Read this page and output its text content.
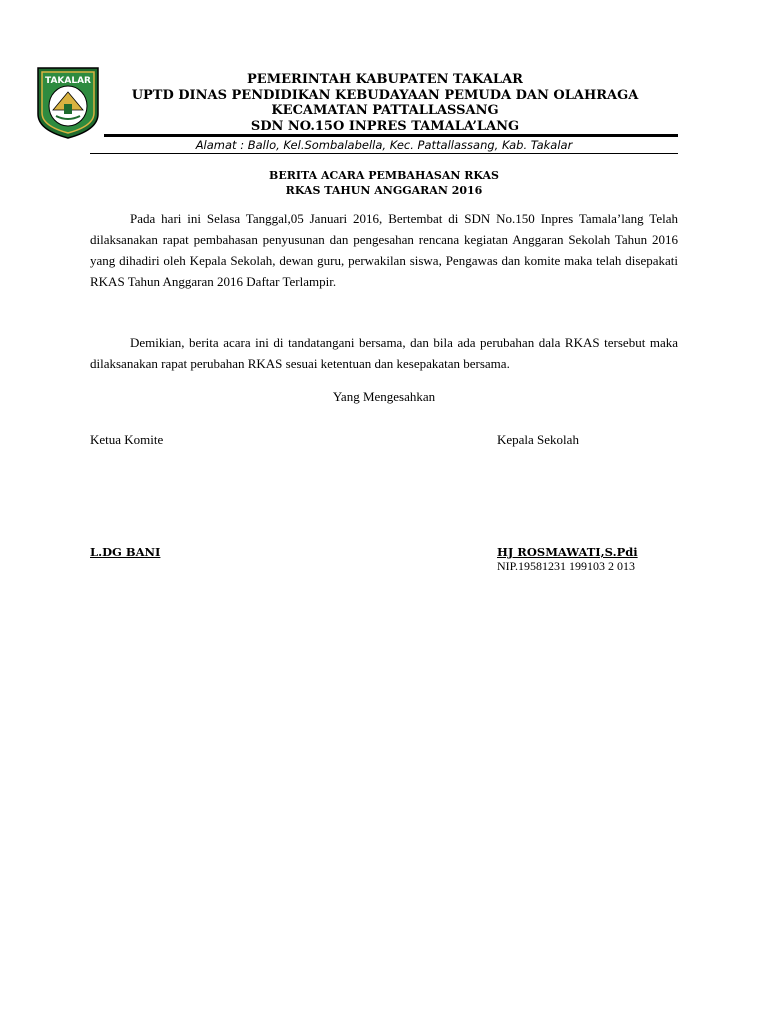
TAKALAR	PEMERINTAH KABUPATEN TAKALAR
UPTD DINAS PENDIDIKAN KEBUDAYAAN PEMUDA DAN OLAHRAGA
KECAMATAN PATTALLASSANG
SDN NO.15O INPRES TAMALA’LANG
Alamat : Ballo, Kel.Sombalabella, Kec. Pattallassang, Kab. Takalar
BERITA ACARA PEMBAHASAN RKAS
RKAS TAHUN ANGGARAN 2016

Pada hari ini Selasa Tanggal,05 Januari 2016, Bertembat di SDN No.150 Inpres Tamala’lang Telah dilaksanakan rapat pembahasan penyusunan dan pengesahan rencana kegiatan Anggaran Sekolah Tahun 2016 yang dihadiri oleh Kepala Sekolah, dewan guru, perwakilan siswa, Pengawas dan komite maka telah disepakati RKAS Tahun Anggaran 2016 Daftar Terlampir.

Demikian, berita acara ini di tandatangani bersama, dan bila ada perubahan dala RKAS tersebut maka dilaksanakan rapat perubahan RKAS sesuai ketentuan dan kesepakatan bersama.

Yang Mengesahkan
Ketua Komite	Kepala Sekolah
L.DG BANI	HJ ROSMAWATI,S.Pdi
NIP.19581231 199103 2 013
